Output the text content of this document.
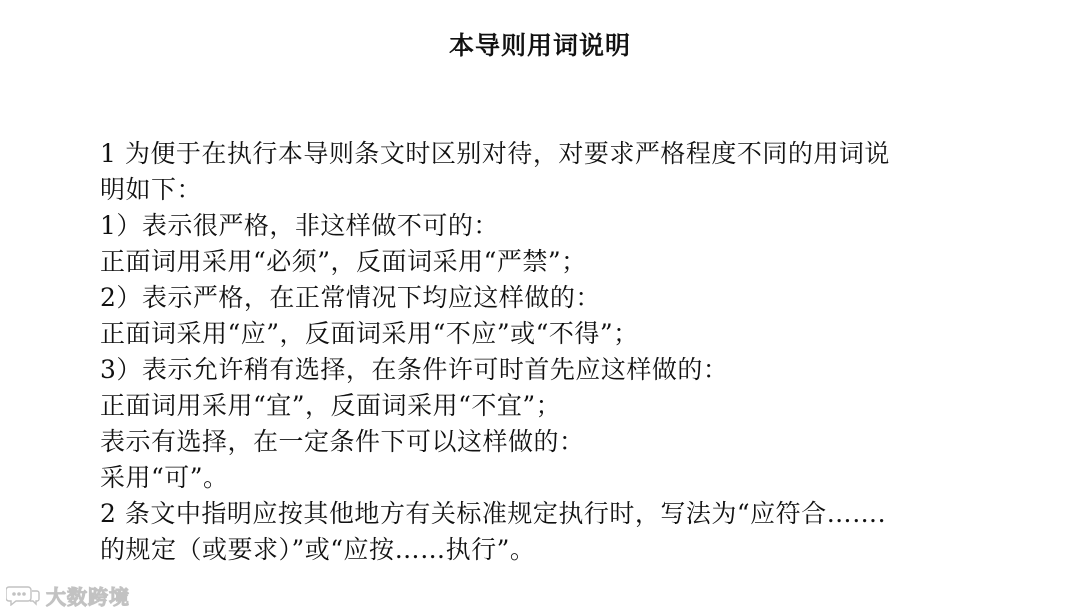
本导则用词说明
1 为便于在执行本导则条文时区别对待，对要求严格程度不同的用词说
明如下：
1）表示很严格，非这样做不可的：
正面词用采用“必须”，反面词采用“严禁”；
2）表示严格，在正常情况下均应这样做的：
正面词采用“应”，反面词采用“不应”或“不得”；
3）表示允许稍有选择，在条件许可时首先应这样做的：
正面词用采用“宜”，反面词采用“不宜”；
表示有选择，在一定条件下可以这样做的：
采用“可”。
2 条文中指明应按其他地方有关标准规定执行时，写法为“应符合…….
的规定（或要求）”或“应按……执行”。
大数跨境
